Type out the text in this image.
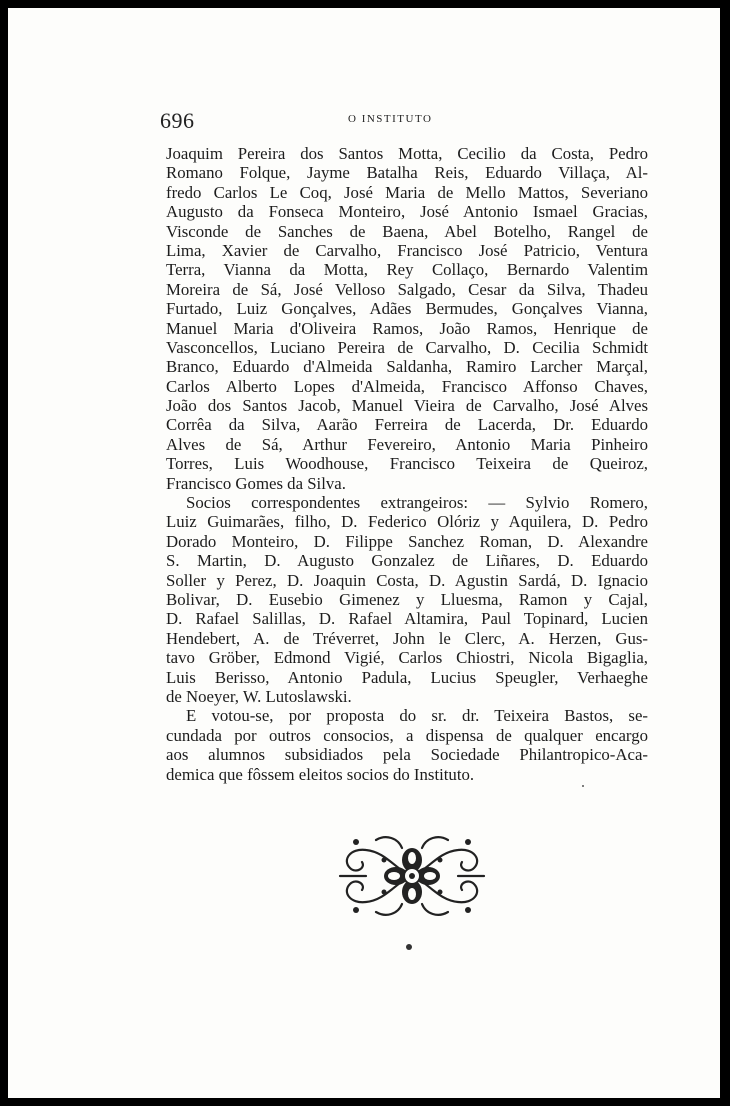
696	O INSTITUTO
Joaquim Pereira dos Santos Motta, Cecilio da Costa, Pedro
Romano Folque, Jayme Batalha Reis, Eduardo Villaça, Al-
fredo Carlos Le Coq, José Maria de Mello Mattos, Severiano
Augusto da Fonseca Monteiro, José Antonio Ismael Gracias,
Visconde de Sanches de Baena, Abel Botelho, Rangel de
Lima, Xavier de Carvalho, Francisco José Patricio, Ventura
Terra, Vianna da Motta, Rey Collaço, Bernardo Valentim
Moreira de Sá, José Velloso Salgado, Cesar da Silva, Thadeu
Furtado, Luiz Gonçalves, Adães Bermudes, Gonçalves Vianna,
Manuel Maria d'Oliveira Ramos, João Ramos, Henrique de
Vasconcellos, Luciano Pereira de Carvalho, D. Cecilia Schmidt
Branco, Eduardo d'Almeida Saldanha, Ramiro Larcher Marçal,
Carlos Alberto Lopes d'Almeida, Francisco Affonso Chaves,
João dos Santos Jacob, Manuel Vieira de Carvalho, José Alves
Corrêa da Silva, Aarão Ferreira de Lacerda, Dr. Eduardo
Alves de Sá, Arthur Fevereiro, Antonio Maria Pinheiro
Torres, Luis Woodhouse, Francisco Teixeira de Queiroz,
Francisco Gomes da Silva.
Socios correspondentes extrangeiros: — Sylvio Romero,
Luiz Guimarães, filho, D. Federico Olóriz y Aquilera, D. Pedro
Dorado Monteiro, D. Filippe Sanchez Roman, D. Alexandre
S. Martin, D. Augusto Gonzalez de Liñares, D. Eduardo
Soller y Perez, D. Joaquin Costa, D. Agustin Sardá, D. Ignacio
Bolivar, D. Eusebio Gimenez y Lluesma, Ramon y Cajal,
D. Rafael Salillas, D. Rafael Altamira, Paul Topinard, Lucien
Hendebert, A. de Tréverret, John le Clerc, A. Herzen, Gus-
tavo Gröber, Edmond Vigié, Carlos Chiostri, Nicola Bigaglia,
Luis Berisso, Antonio Padula, Lucius Speugler, Verhaeghe
de Noeyer, W. Lutoslawski.
E votou-se, por proposta do sr. dr. Teixeira Bastos, se-
cundada por outros consocios, a dispensa de qualquer encargo
aos alumnos subsidiados pela Sociedade Philantropico-Aca-
demica que fôssem eleitos socios do Instituto.
